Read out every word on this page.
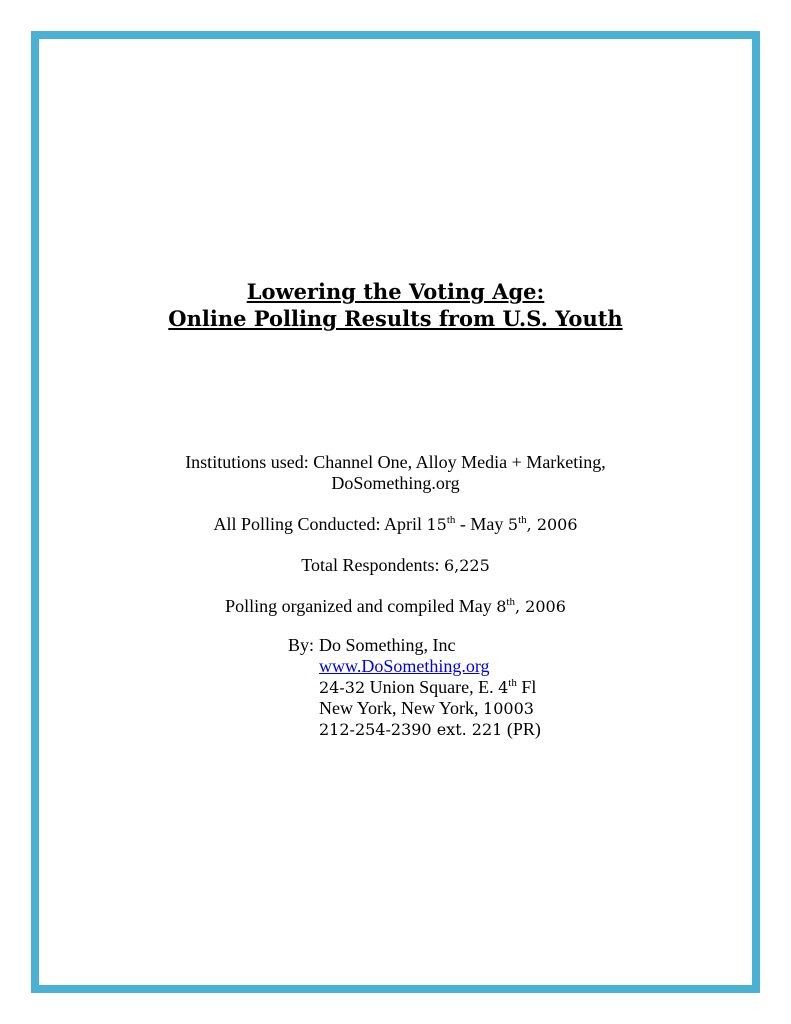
Lowering the Voting Age:
Online Polling Results from U.S. Youth
Institutions used: Channel One, Alloy Media + Marketing,
DoSomething.org
All Polling Conducted: April 15th - May 5th, 2006
Total Respondents: 6,225
Polling organized and compiled May 8th, 2006
By: Do Something, Inc
www.DoSomething.org
24-32 Union Square, E. 4th Fl
New York, New York, 10003
212-254-2390 ext. 221 (PR)
